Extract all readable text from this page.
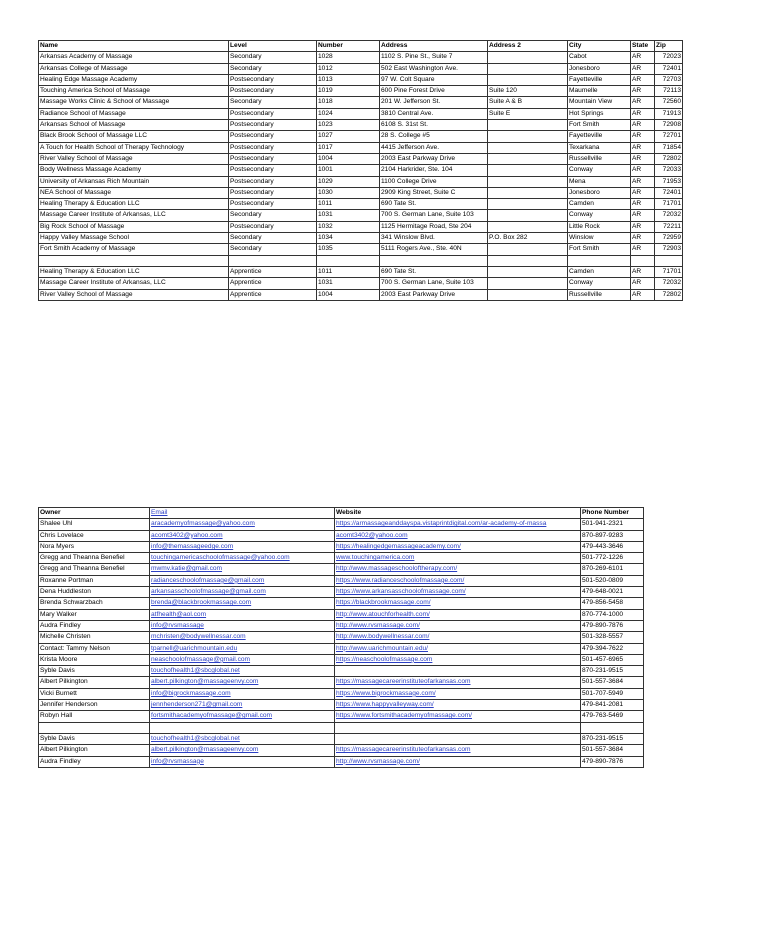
Name	Level	Number	Address	Address 2	City	State	Zip
Arkansas Academy of Massage	Secondary	1028	1102 S. Pine St., Suite 7		Cabot	AR	72023
Arkansas College of Massage	Secondary	1012	502 East Washington Ave.		Jonesboro	AR	72401
Healing Edge Massage Academy	Postsecondary	1013	97 W. Colt Square		Fayetteville	AR	72703
Touching America School of Massage	Postsecondary	1019	600 Pine Forest Drive	Suite 120	Maumelle	AR	72113
Massage Works Clinic & School of Massage	Secondary	1018	201 W. Jefferson St.	Suite A & B	Mountain View	AR	72560
Radiance School of Massage	Postsecondary	1024	3810 Central Ave.	Suite E	Hot Springs	AR	71913
Arkansas School of Massage	Postsecondary	1023	6108 S. 31st St.		Fort Smith	AR	72908
Black Brook School of Massage LLC	Postsecondary	1027	28 S. College #5		Fayetteville	AR	72701
A Touch for Health School of Therapy Technology	Postsecondary	1017	4415 Jefferson Ave.		Texarkana	AR	71854
River Valley School of Massage	Postsecondary	1004	2003 East Parkway Drive		Russellville	AR	72802
Body Wellness Massage Academy	Postsecondary	1001	2104 Harkrider, Ste. 104		Conway	AR	72033
University of Arkansas Rich Mountain	Postsecondary	1029	1100 College Drive		Mena	AR	71953
NEA School of Massage	Postsecondary	1030	2909 King Street, Suite C		Jonesboro	AR	72401
Healing Therapy & Education LLC	Postsecondary	1011	690 Tate St.		Camden	AR	71701
Massage Career Institute of Arkansas, LLC	Secondary	1031	700 S. German Lane, Suite 103		Conway	AR	72032
Big Rock School of Massage	Postsecondary	1032	1125 Hermitage Road, Ste 204		Little Rock	AR	72211
Happy Valley Massage School	Secondary	1034	341 Winslow Blvd.	P.O. Box 282	Winslow	AR	72959
Fort Smith Academy of Massage	Secondary	1035	5111 Rogers Ave., Ste. 40N		Fort Smith	AR	72903

Healing Therapy & Education LLC	Apprentice	1011	690 Tate St.		Camden	AR	71701
Massage Career Institute of Arkansas, LLC	Apprentice	1031	700 S. German Lane, Suite 103		Conway	AR	72032
River Valley School of Massage	Apprentice	1004	2003 East Parkway Drive		Russellville	AR	72802
Owner	Email	Website	Phone Number
Shalee Uhl	aracademyofmassage@yahoo.com	https://armassageanddayspa.vistaprintdigital.com/ar-academy-of-massa	501-941-2321
Chris Lovelace	acomt3402@yahoo.com	acomt3402@yahoo.com	870-897-9283
Nora Myers	info@themassageedge.com	https://healingedgemassageacademy.com/	479-443-3646
Gregg and Theanna Benefiel	touchingamericaschoolofmassage@yahoo.com	www.touchingamerica.com	501-772-1226
Gregg and Theanna Benefiel	mwmv.katie@gmail.com	http://www.massageschooloftherapy.com/	870-269-6101
Roxanne Portman	radianceschoolofmassage@gmail.com	https://www.radianceschoolofmassage.com/	501-520-0809
Dena Huddleston	arkansasschoolofmassage@gmail.com	https://www.arkansasschoolofmassage.com/	479-648-0021
Brenda Schwarzbach	brenda@blackbrookmassage.com	https://blackbrookmassage.com/	479-856-5458
Mary Walker	atfhealth@aol.com	http://www.atouchforhealth.com/	870-774-1000
Audra Findley	info@rvsmassage	http://www.rvsmassage.com/	479-890-7876
Michelle Christen	mchristen@bodywellnessar.com	http://www.bodywellnessar.com/	501-328-5557
Contact: Tammy Nelson	tparnell@uarichmountain.edu	http://www.uarichmountain.edu/	479-394-7622
Krista Moore	neaschoolofmassage@gmail.com	https://neaschoolofmassage.com	501-457-6965
Syble Davis	touchofhealth1@sbcglobal.net		870-231-9515
Albert Pilkington	albert.pilkington@massageenvy.com	https://massagecareerinstituteofarkansas.com	501-557-3684
Vicki Burnett	info@bigrockmassage.com	https://www.bigrockmassage.com/	501-707-5949
Jennifer Henderson	jennhenderson271@gmail.com	https://www.happyvalleyway.com/	479-841-2081
Robyn Hall	fortsmithacademyofmassage@gmail.com	https://www.fortsmithacademyofmassage.com/	479-763-5469

Syble Davis	touchofhealth1@sbcglobal.net		870-231-9515
Albert Pilkington	albert.pilkington@massageenvy.com	https://massagecareerinstituteofarkansas.com	501-557-3684
Audra Findley	info@rvsmassage	http://www.rvsmassage.com/	479-890-7876
